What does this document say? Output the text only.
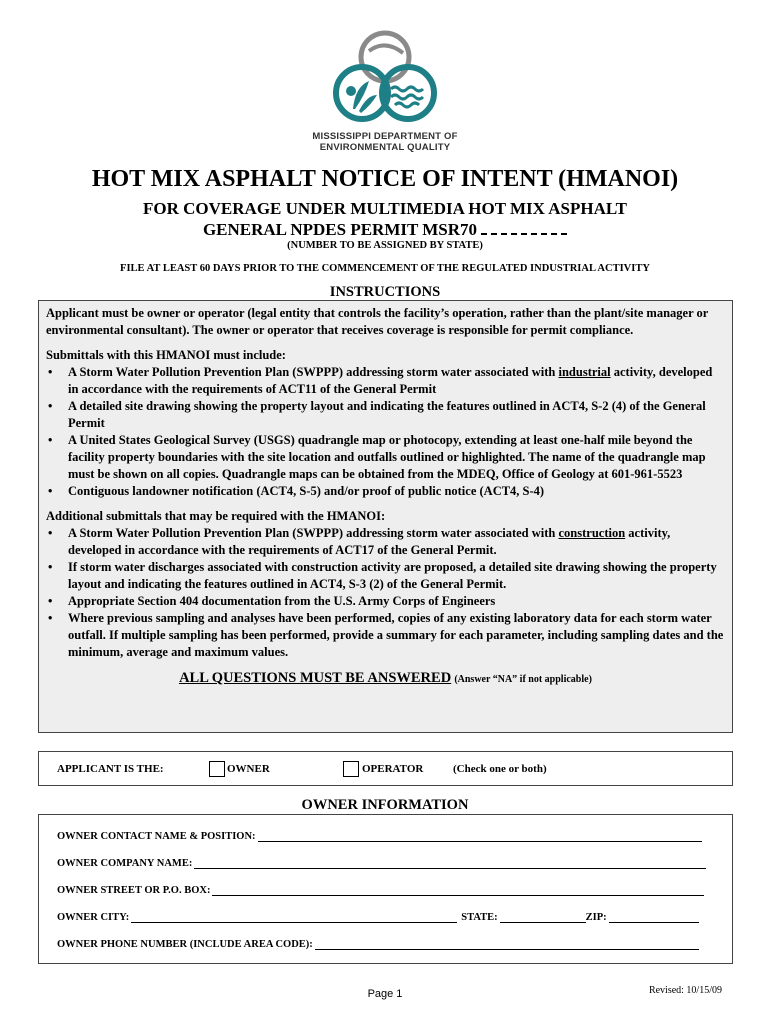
MISSISSIPPI DEPARTMENT OF
ENVIRONMENTAL QUALITY
HOT MIX ASPHALT NOTICE OF INTENT (HMANOI)
FOR COVERAGE UNDER MULTIMEDIA HOT MIX ASPHALT
GENERAL NPDES PERMIT MSR70
(NUMBER TO BE ASSIGNED BY STATE)
FILE AT LEAST 60 DAYS PRIOR TO THE COMMENCEMENT OF THE REGULATED INDUSTRIAL ACTIVITY
INSTRUCTIONS

Applicant must be owner or operator (legal entity that controls the facility’s operation, rather than the plant/site manager or environmental consultant). The owner or operator that receives coverage is responsible for permit compliance.

Submittals with this HMANOI must include:

• A Storm Water Pollution Prevention Plan (SWPPP) addressing storm water associated with industrial activity, developed in accordance with the requirements of ACT11 of the General Permit
• A detailed site drawing showing the property layout and indicating the features outlined in ACT4, S-2 (4) of the General Permit
• A United States Geological Survey (USGS) quadrangle map or photocopy, extending at least one-half mile beyond the facility property boundaries with the site location and outfalls outlined or highlighted. The name of the quadrangle map must be shown on all copies. Quadrangle maps can be obtained from the MDEQ, Office of Geology at 601-961-5523
• Contiguous landowner notification (ACT4, S-5) and/or proof of public notice (ACT4, S-4)

Additional submittals that may be required with the HMANOI:

• A Storm Water Pollution Prevention Plan (SWPPP) addressing storm water associated with construction activity, developed in accordance with the requirements of ACT17 of the General Permit.
• If storm water discharges associated with construction activity are proposed, a detailed site drawing showing the property layout and indicating the features outlined in ACT4, S-3 (2) of the General Permit.
• Appropriate Section 404 documentation from the U.S. Army Corps of Engineers
• Where previous sampling and analyses have been performed, copies of any existing laboratory data for each storm water outfall. If multiple sampling has been performed, provide a summary for each parameter, including sampling dates and the minimum, average and maximum values.
ALL QUESTIONS MUST BE ANSWERED (Answer “NA” if not applicable)
APPLICANT IS THE:	OWNER	OPERATOR	(Check one or both)
OWNER INFORMATION
OWNER CONTACT NAME & POSITION:
OWNER COMPANY NAME:
OWNER STREET OR P.O. BOX:
OWNER CITY:	STATE:	ZIP:
OWNER PHONE NUMBER (INCLUDE AREA CODE):
Page 1	Revised: 10/15/09
